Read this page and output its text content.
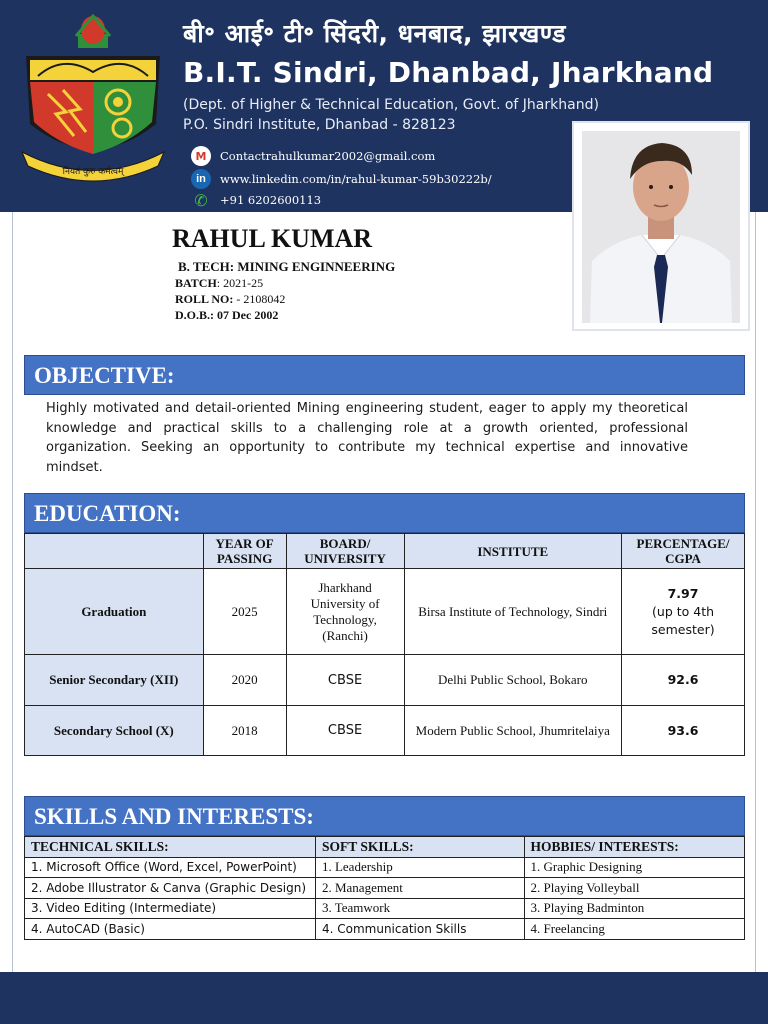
नियतं कुरु कर्मत्वम्
बी॰ आई॰ टी॰ सिंदरी, धनबाद, झारखण्ड
B.I.T. Sindri, Dhanbad, Jharkhand
(Dept. of Higher & Technical Education, Govt. of Jharkhand)
P.O. Sindri Institute, Dhanbad - 828123
M	Contactrahulkumar2002@gmail.com
in	www.linkedin.com/in/rahul-kumar-59b30222b/
✆ +91 6202600113
RAHUL KUMAR
B. TECH: MINING ENGINNEERING
BATCH: 2021-25
ROLL NO: - 2108042
D.O.B.: 07 Dec 2002
OBJECTIVE:
Highly motivated and detail-oriented Mining engineering student, eager to apply my theoretical knowledge and practical skills to a challenging role at a growth oriented, professional organization. Seeking an opportunity to contribute my technical expertise and innovative mindset.
EDUCATION:
	YEAR OF PASSING	BOARD/ UNIVERSITY	INSTITUTE	PERCENTAGE/ CGPA
Graduation	2025	Jharkhand University of Technology, (Ranchi)	Birsa Institute of Technology, Sindri	7.97
(up to 4th semester)
Senior Secondary (XII)	2020	CBSE	Delhi Public School, Bokaro	92.6
Secondary School (X)	2018	CBSE	Modern Public School, Jhumritelaiya	93.6
SKILLS AND INTERESTS:
TECHNICAL SKILLS:	SOFT SKILLS:	HOBBIES/ INTERESTS:
1. Microsoft Office (Word, Excel, PowerPoint)	1. Leadership	1. Graphic Designing
2. Adobe Illustrator & Canva (Graphic Design)	2. Management	2. Playing Volleyball
3. Video Editing (Intermediate)	3. Teamwork	3. Playing Badminton
4. AutoCAD (Basic)	4. Communication Skills	4. Freelancing
